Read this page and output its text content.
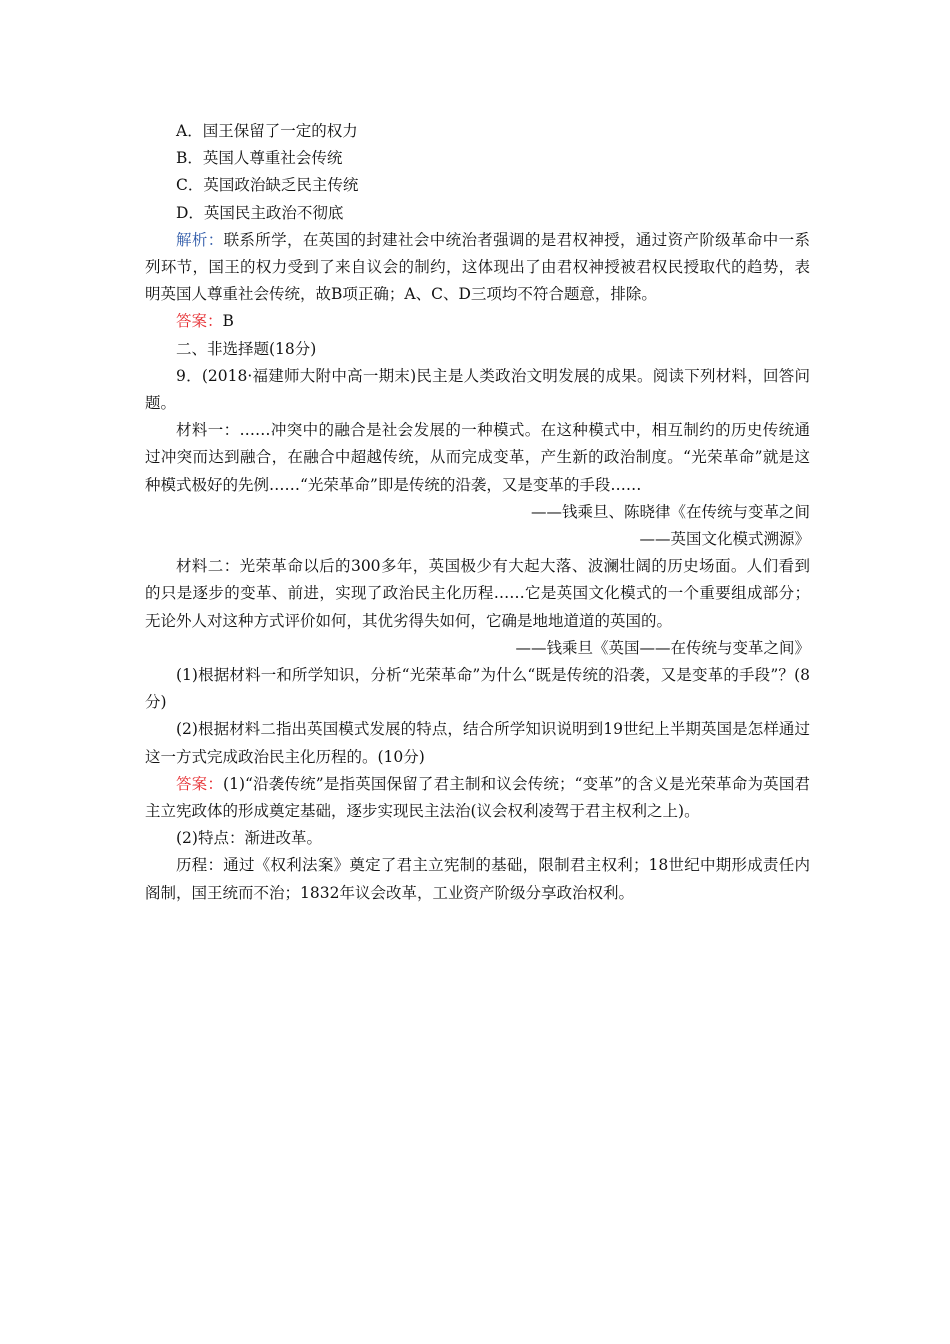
A．国王保留了一定的权力
B．英国人尊重社会传统
C．英国政治缺乏民主传统
D．英国民主政治不彻底
解析：联系所学，在英国的封建社会中统治者强调的是君权神授，通过资产阶级革命中一系列环节，国王的权力受到了来自议会的制约，这体现出了由君权神授被君权民授取代的趋势，表明英国人尊重社会传统，故B项正确；A、C、D三项均不符合题意，排除。
答案：B
二、非选择题(18分)
9．(2018·福建师大附中高一期末)民主是人类政治文明发展的成果。阅读下列材料，回答问题。
材料一：……冲突中的融合是社会发展的一种模式。在这种模式中，相互制约的历史传统通过冲突而达到融合，在融合中超越传统，从而完成变革，产生新的政治制度。“光荣革命”就是这种模式极好的先例……“光荣革命”即是传统的沿袭，又是变革的手段……
——钱乘旦、陈晓律《在传统与变革之间
——英国文化模式溯源》
材料二：光荣革命以后的300多年，英国极少有大起大落、波澜壮阔的历史场面。人们看到的只是逐步的变革、前进，实现了政治民主化历程……它是英国文化模式的一个重要组成部分；无论外人对这种方式评价如何，其优劣得失如何，它确是地地道道的英国的。
——钱乘旦《英国——在传统与变革之间》
(1)根据材料一和所学知识，分析“光荣革命”为什么“既是传统的沿袭，又是变革的手段”？(8分)
(2)根据材料二指出英国模式发展的特点，结合所学知识说明到19世纪上半期英国是怎样通过这一方式完成政治民主化历程的。(10分)
答案：(1)“沿袭传统”是指英国保留了君主制和议会传统；“变革”的含义是光荣革命为英国君主立宪政体的形成奠定基础，逐步实现民主法治(议会权利凌驾于君主权利之上)。
(2)特点：渐进改革。
历程：通过《权利法案》奠定了君主立宪制的基础，限制君主权利；18世纪中期形成责任内阁制，国王统而不治；1832年议会改革，工业资产阶级分享政治权利。
